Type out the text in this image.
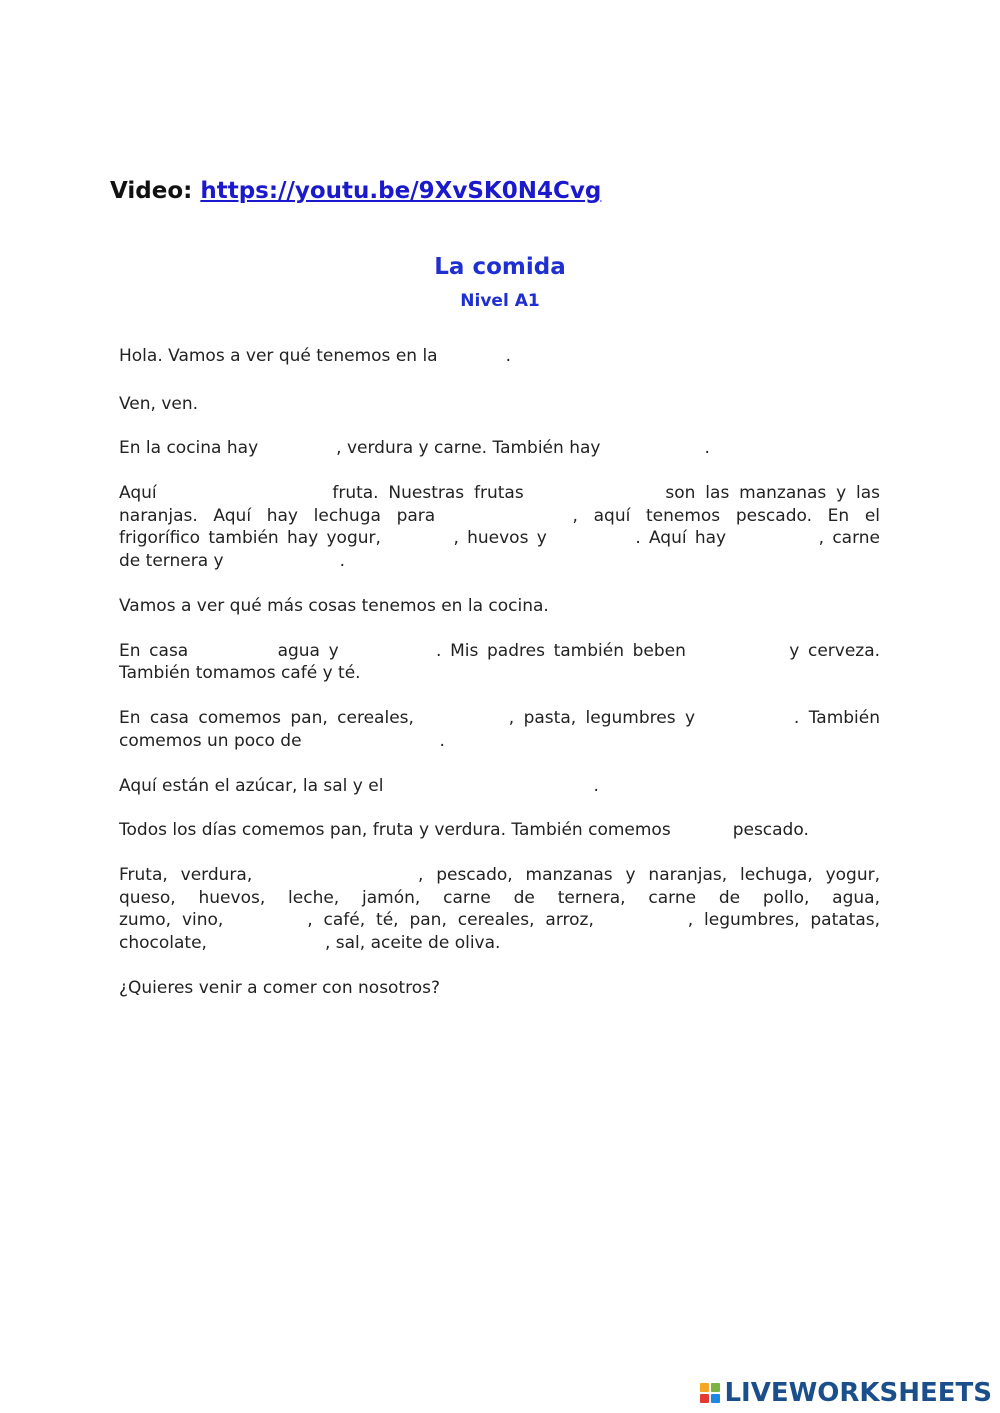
Video: https://youtu.be/9XvSK0N4Cvg
La comida
Nivel A1

Hola. Vamos a ver qué tenemos en la	.

Ven, ven.

En la cocina hay	, verdura y carne. También hay	.

Aquí	fruta. Nuestras frutas	son las manzanas y las

naranjas. Aquí hay lechuga para	, aquí tenemos pescado. En el

frigorífico también hay yogur,	, huevos y	. Aquí hay	, carne

de ternera y	.

Vamos a ver qué más cosas tenemos en la cocina.

En casa	agua y	. Mis padres también beben	y cerveza.

También tomamos café y té.

En casa comemos pan, cereales,	, pasta, legumbres y	. También

comemos un poco de	.

Aquí están el azúcar, la sal y el	.

Todos los días comemos pan, fruta y verdura. También comemos	pescado.

Fruta, verdura,	, pescado, manzanas y naranjas, lechuga, yogur,

queso, huevos, leche, jamón, carne de ternera, carne de pollo, agua,

zumo, vino,	, café, té, pan, cereales, arroz,	, legumbres, patatas,

chocolate,	, sal, aceite de oliva.

¿Quieres venir a comer con nosotros?

LIVEWORKSHEETS
